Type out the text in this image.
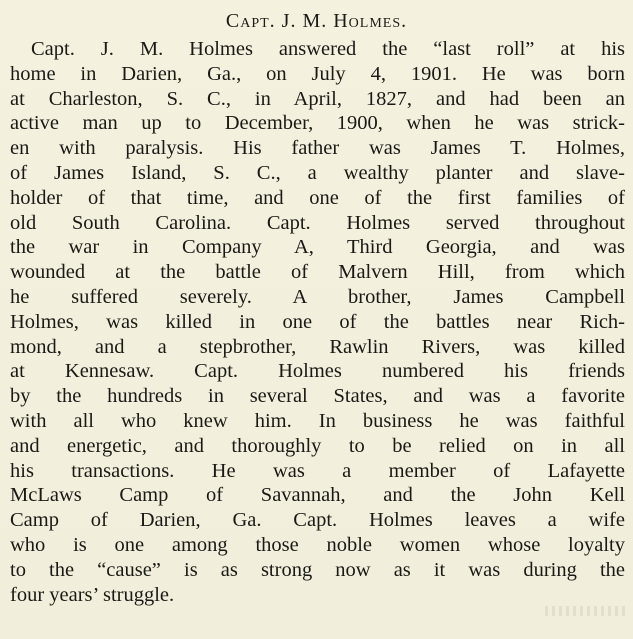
Capt. J. M. Holmes.
Capt. J. M. Holmes answered the “last roll” at his
home in Darien, Ga., on July 4, 1901. He was born
at Charleston, S. C., in April, 1827, and had been an
active man up to December, 1900, when he was strick-
en with paralysis. His father was James T. Holmes,
of James Island, S. C., a wealthy planter and slave-
holder of that time, and one of the first families of
old South Carolina. Capt. Holmes served throughout
the war in Company A, Third Georgia, and was
wounded at the battle of Malvern Hill, from which
he suffered severely. A brother, James Campbell
Holmes, was killed in one of the battles near Rich-
mond, and a stepbrother, Rawlin Rivers, was killed
at Kennesaw. Capt. Holmes numbered his friends
by the hundreds in several States, and was a favorite
with all who knew him. In business he was faithful
and energetic, and thoroughly to be relied on in all
his transactions. He was a member of Lafayette
McLaws Camp of Savannah, and the John Kell
Camp of Darien, Ga. Capt. Holmes leaves a wife
who is one among those noble women whose loyalty
to the “cause” is as strong now as it was during the
four years’ struggle.
